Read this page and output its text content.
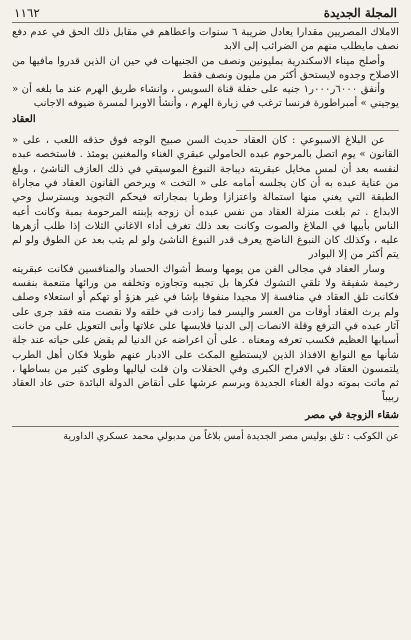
المجلة الجديدة
١١٦٢

الاملاك المصريين مقدارا يعادل ضريبة ٦ سنوات واعطاهم في مقابل ذلك الحق في عدم دفع نصف مايطلب منهم من الضرائب إلى الابد

وأصلح ميناء الاسكندرية بمليونين ونصف من الجنيهات في حين ان الذين قدروا مافيها من الاصلاح وجدوه لايستحق أكثر من مليون ونصف فقط

وأنفق ٦٠٠٠ر٠٠٠ر١ جنيه على حفلة قناة السويس ، وانشاء طريق الهرم عند ما بلغه أن « يوجيني » أمبراطورة فرنسا ترغب في زيارة الهرم ، وأنشأ الاوبرا لمسرة ضيوفه الاجانب

العقاد

عن البلاغ الاسبوعي : كان العقاد حديث السن صبيح الوجه فوق حذقه اللعب ، على « القانون » يوم اتصل بالمرحوم عبده الحامولي عبقري الغناء والمغنين يومئذ . فاستخصه عبده لنفسه بعد أن لمس مخايل عبقريته ديباجة النبوغ الموسيقي في ذلك العازف الناشئ ، وبلغ من عناية عبده به أن كان يجلسه أمامه على « التخت » ويرخص القانون العقاد في مجاراة الطبقة التي يغني منها استمالة واعتزازا وطربا بمجاراته فيحكم التجويد ويسترسل وحي الابداع . ثم بلغت منزلة العقاد من نفس عبده أن زوجه بإبنته المرحومة بمبة وكانت أعبه الناس بأبيها في الملاغ والصوت وكانت بعد ذلك تغرف أداء الاغاني الثلاث إذا طلب أزهرها عليه ، وكذلك كان النبوغ الناضج يعرف قدر النبوغ الناشئ ولو لم يثب بعد عن الطوق ولو لم يتم أكثر من إلا البوادر

وسار العقاد في مجالى الفن من يومها وسط أشواك الحساد والمنافسين فكانت عبقريته رخيمة شفيقة ولا تلقي التشوك فكرها بل تجيبه وتجاوزه وتخلفه من ورائها متنعمة بنفسه فكانت تلق العقاد في منافسة إلا مجيدا منفوقا بإشا في غير هزؤ أو تهكم أو استعلاء وصلف ولم يرث العقاد أوقات من العسر واليسر فما زادت في خلقه ولا نقصت منه فقد جرى على آثار عبده في الترفع وقلة الانصات إلى الدنيا فلابسها على علاتها وأبى التعويل على من خانت أسبابها العظيم فكسب تعرفه ومعناه . على أن اعراضه عن الدنيا لم يقض على حياته عند جلة شأنها مع النوابغ الافذاذ الذين لايستطيع المكث على الادبار عنهم طويلا فكان أهل الطرب يلتمسون العقاد في الافراح الكبرى وفي الحفلات وان قلت لياليها وطوى كثير من بساطها ، ثم ماتت بموته دولة الغناء الجديدة وبرسم عرشها على أنقاض الدولة البائدة حتى عاد العقاد ربيباً

شقاء الزوجة في مصر

عن الكوكب : تلق بوليس مصر الجديدة أمس بلاغاً من مدبولي محمد عسكري الداورية
